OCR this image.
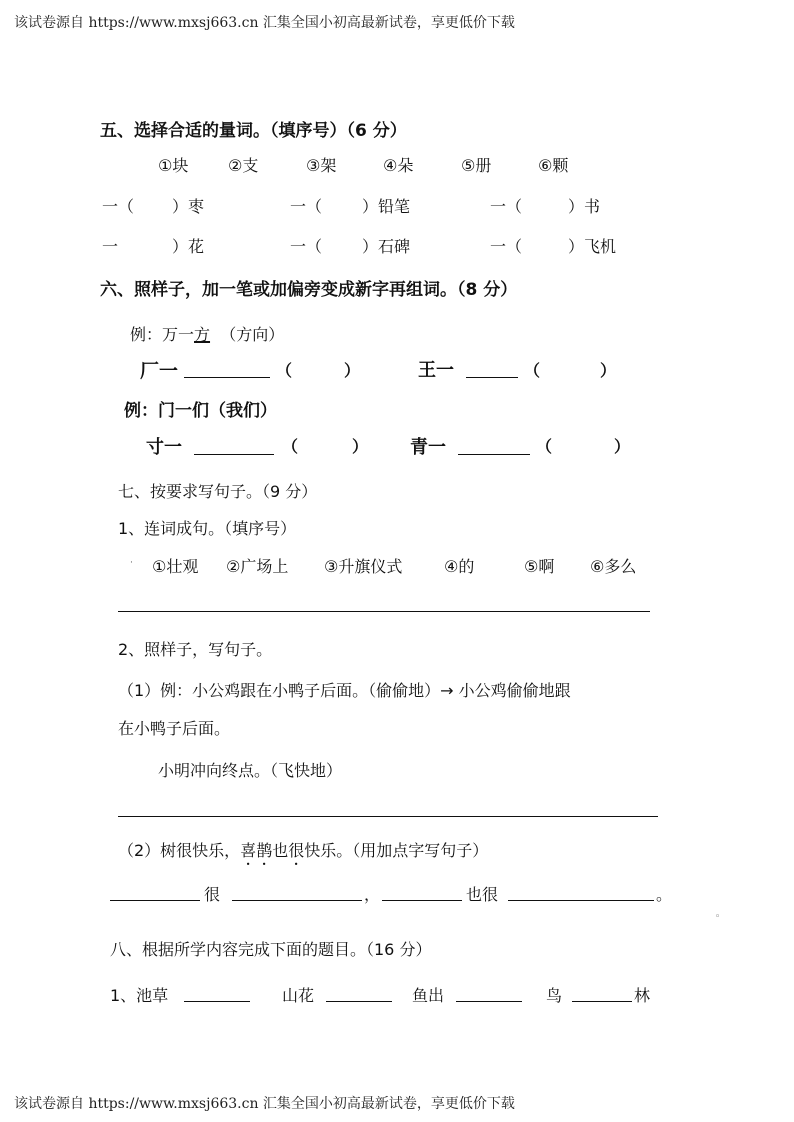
该试卷源自 https://www.mxsj663.cn 汇集全国小初高最新试卷，享更低价下载
五、选择合适的量词。（填序号）（6 分）
①块 ②支	③架	④朵	⑤册	⑥颗
一（ ）枣	一（ ）铅笔	一（	）书
一	）花	一（ ）石碑	一（	）飞机
六、照样子，加一笔或加偏旁变成新字再组词。（8 分）
例：万一方 （方向）
厂一	（	）	王一	（	）
例：门一们（我们）
寸一	（	） 青一	（	）
七、按要求写句子。（9 分）
1、连词成句。（填序号）
①壮观 ②广场上 ③升旗仪式	④的	⑤啊 ⑥多么
2、照样子，写句子。
（1）例：小公鸡跟在小鸭子后面。（偷偷地）→ 小公鸡偷偷地跟
在小鸭子后面。
小明冲向终点。（飞快地）
（2）树很快乐，喜鹊也很快乐。（用加点字写句子）
很	，	也很	。
八、根据所学内容完成下面的题目。（16 分）
1、池草	山花	鱼出	鸟	林
◦
·
该试卷源自 https://www.mxsj663.cn 汇集全国小初高最新试卷，享更低价下载
